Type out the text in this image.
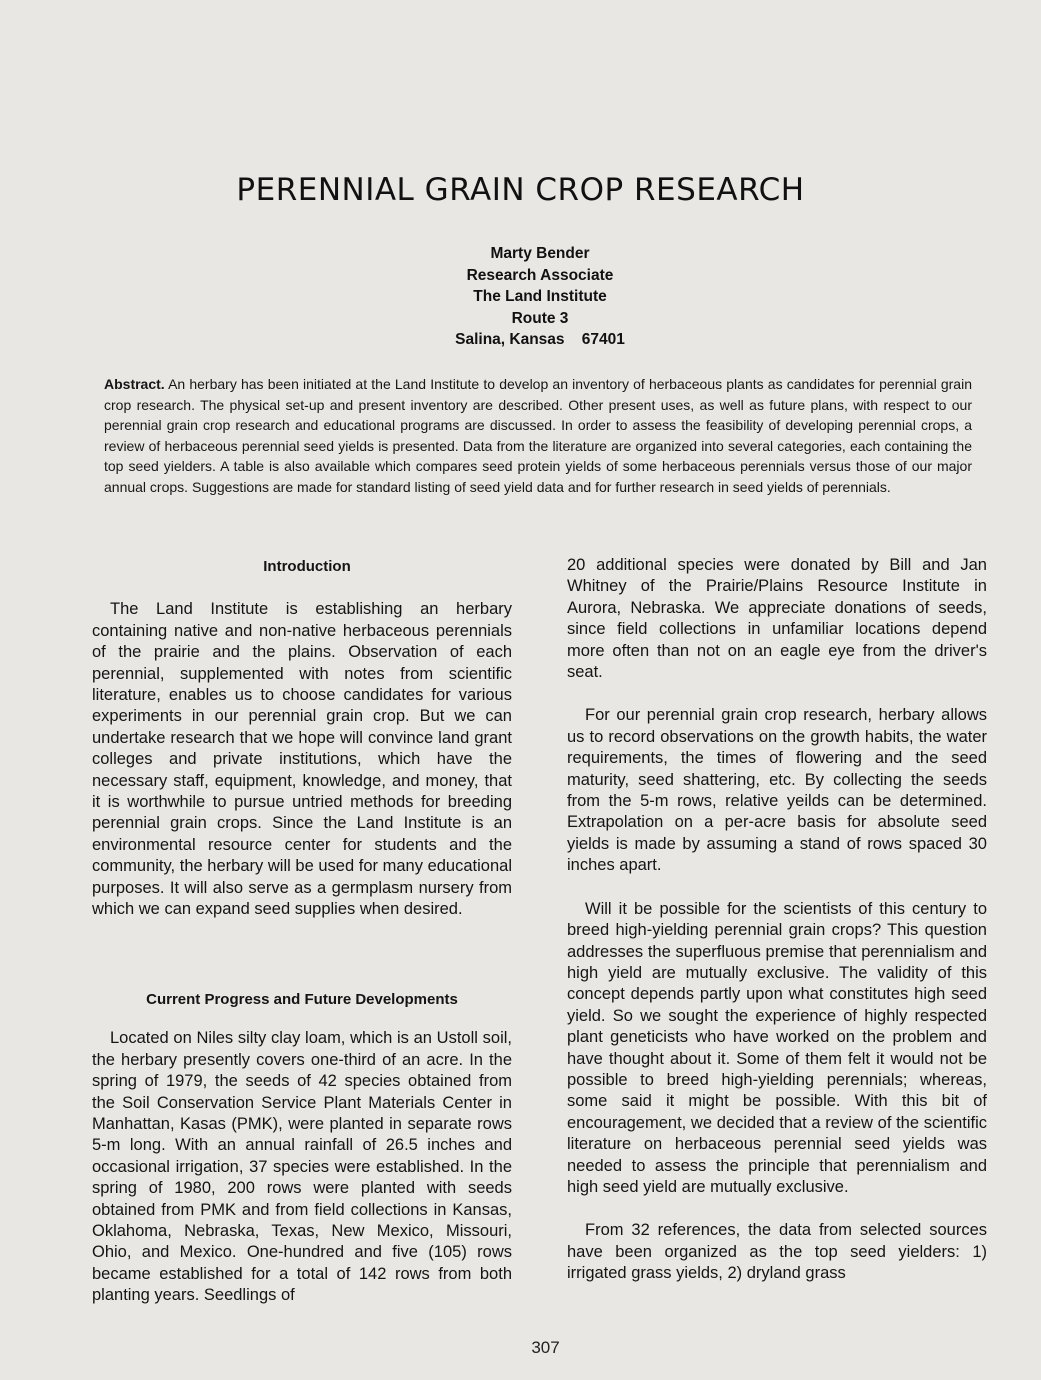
PERENNIAL GRAIN CROP RESEARCH
Marty Bender
Research Associate
The Land Institute
Route 3
Salina, Kansas    67401
Abstract. An herbary has been initiated at the Land Institute to develop an inventory of herbaceous plants as candidates for perennial grain crop research. The physical set-up and present inventory are described. Other present uses, as well as future plans, with respect to our perennial grain crop research and educational programs are discussed. In order to assess the feasibility of developing perennial crops, a review of herbaceous perennial seed yields is presented. Data from the literature are organized into several categories, each containing the top seed yielders. A table is also available which compares seed protein yields of some herbaceous perennials versus those of our major annual crops. Suggestions are made for standard listing of seed yield data and for further research in seed yields of perennials.

Introduction

The Land Institute is establishing an herbary containing native and non-native herbaceous perennials of the prairie and the plains. Observation of each perennial, supplemented with notes from scientific literature, enables us to choose candidates for various experiments in our perennial grain crop. But we can undertake research that we hope will convince land grant colleges and private institutions, which have the necessary staff, equipment, knowledge, and money, that it is worthwhile to pursue untried methods for breeding perennial grain crops. Since the Land Institute is an environmental resource center for students and the community, the herbary will be used for many educational purposes. It will also serve as a germplasm nursery from which we can expand seed supplies when desired.

Current Progress and Future Developments

Located on Niles silty clay loam, which is an Ustoll soil, the herbary presently covers one-third of an acre. In the spring of 1979, the seeds of 42 species obtained from the Soil Conservation Service Plant Materials Center in Manhattan, Kasas (PMK), were planted in separate rows 5-m long. With an annual rainfall of 26.5 inches and occasional irrigation, 37 species were established. In the spring of 1980, 200 rows were planted with seeds obtained from PMK and from field collections in Kansas, Oklahoma, Nebraska, Texas, New Mexico, Missouri, Ohio, and Mexico. One-hundred and five (105) rows became established for a total of 142 rows from both planting years. Seedlings of

20 additional species were donated by Bill and Jan Whitney of the Prairie/Plains Resource Institute in Aurora, Nebraska. We appreciate donations of seeds, since field collections in unfamiliar locations depend more often than not on an eagle eye from the driver's seat.

For our perennial grain crop research, herbary allows us to record observations on the growth habits, the water requirements, the times of flowering and the seed maturity, seed shattering, etc. By collecting the seeds from the 5-m rows, relative yeilds can be determined. Extrapolation on a per-acre basis for absolute seed yields is made by assuming a stand of rows spaced 30 inches apart.

Will it be possible for the scientists of this century to breed high-yielding perennial grain crops? This question addresses the superfluous premise that perennialism and high yield are mutually exclusive. The validity of this concept depends partly upon what constitutes high seed yield. So we sought the experience of highly respected plant geneticists who have worked on the problem and have thought about it. Some of them felt it would not be possible to breed high-yielding perennials; whereas, some said it might be possible. With this bit of encouragement, we decided that a review of the scientific literature on herbaceous perennial seed yields was needed to assess the principle that perennialism and high seed yield are mutually exclusive.

From 32 references, the data from selected sources have been organized as the top seed yielders: 1) irrigated grass yields, 2) dryland grass

307
